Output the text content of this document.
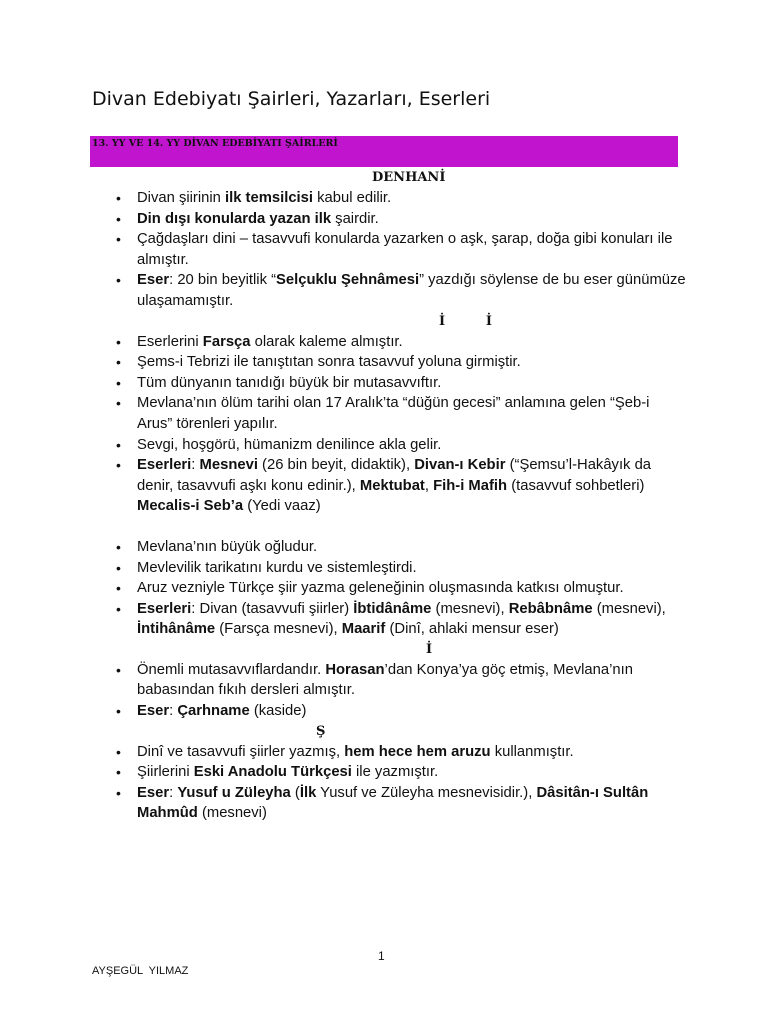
Divan Edebiyatı Şairleri, Yazarları, Eserleri
13. YY VE 14. YY DİVAN EDEBİYATI ŞAİRLERİ
DENHANİ
• Divan şiirinin ilk temsilcisi kabul edilir.
• Din dışı konularda yazan ilk şairdir.
• Çağdaşları dini – tasavvufi konularda yazarken o aşk, şarap, doğa gibi konuları ile almıştır.
• Eser: 20 bin beyitlik “Selçuklu Şehnâmesi” yazdığı söylense de bu eser günümüze ulaşamamıştır.
İ         İ
• Eserlerini Farsça olarak kaleme almıştır.
• Şems-i Tebrizi ile tanıştıtan sonra tasavvuf yoluna girmiştir.
• Tüm dünyanın tanıdığı büyük bir mutasavvıftır.
• Mevlana’nın ölüm tarihi olan 17 Aralık’ta “düğün gecesi” anlamına gelen “Şeb-i Arus” törenleri yapılır.
• Sevgi, hoşgörü, hümanizm denilince akla gelir.
• Eserleri: Mesnevi (26 bin beyit, didaktik), Divan-ı Kebir (“Şemsu’l-Hakâyık da denir, tasavvufi aşkı konu edinir.), Mektubat, Fih-i Mafih (tasavvuf sohbetleri) Mecalis-i Seb’a (Yedi vaaz)
• Mevlana’nın büyük oğludur.
• Mevlevilik tarikatını kurdu ve sistemleştirdi.
• Aruz vezniyle Türkçe şiir yazma geleneğinin oluşmasında katkısı olmuştur.
• Eserleri: Divan (tasavvufi şiirler) İbtidânâme (mesnevi), Rebâbnâme (mesnevi), İntihânâme (Farsça mesnevi), Maarif (Dinî, ahlaki mensur eser)
İ
• Önemli mutasavvıflardandır. Horasan’dan Konya’ya göç etmiş, Mevlana’nın babasından fıkıh dersleri almıştır.
• Eser: Çarhname (kaside)
Ş
• Dinî ve tasavvufi şiirler yazmış, hem hece hem aruzu kullanmıştır.
• Şiirlerini Eski Anadolu Türkçesi ile yazmıştır.
• Eser: Yusuf u Züleyha (İlk Yusuf ve Züleyha mesnevisidir.), Dâsitân-ı Sultân Mahmûd (mesnevi)
1
AYŞEGÜL  YILMAZ
